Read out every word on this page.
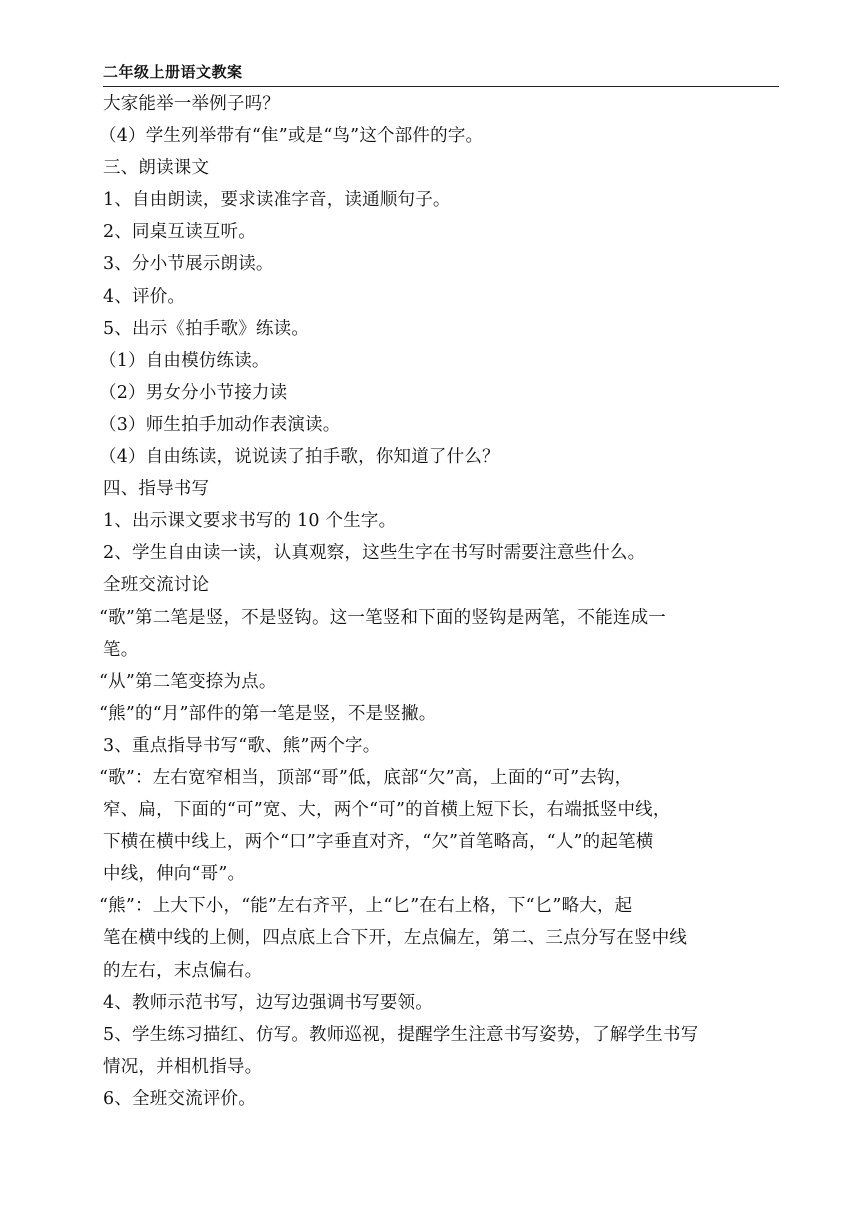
二年级上册语文教案
大家能举一举例子吗？
（4）学生列举带有“隹”或是“鸟”这个部件的字。
三、朗读课文
1、自由朗读，要求读准字音，读通顺句子。
2、同桌互读互听。
3、分小节展示朗读。
4、评价。
5、出示《拍手歌》练读。
（1）自由模仿练读。
（2）男女分小节接力读
（3）师生拍手加动作表演读。
（4）自由练读，说说读了拍手歌，你知道了什么？
四、指导书写
1、出示课文要求书写的 10 个生字。
2、学生自由读一读，认真观察，这些生字在书写时需要注意些什么。
全班交流讨论
“歌”第二笔是竖，不是竖钩。这一笔竖和下面的竖钩是两笔，不能连成一
笔。
“从”第二笔变捺为点。
“熊”的“月”部件的第一笔是竖，不是竖撇。
3、重点指导书写“歌、熊”两个字。
“歌”：左右宽窄相当，顶部“哥”低，底部“欠”高，上面的“可”去钩，
窄、扁，下面的“可”宽、大，两个“可”的首横上短下长，右端抵竖中线，
下横在横中线上，两个“口”字垂直对齐，“欠”首笔略高，“人”的起笔横
中线，伸向“哥”。
“熊”：上大下小，“能”左右齐平，上“匕”在右上格，下“匕”略大，起
笔在横中线的上侧，四点底上合下开，左点偏左，第二、三点分写在竖中线
的左右，末点偏右。
4、教师示范书写，边写边强调书写要领。
5、学生练习描红、仿写。教师巡视，提醒学生注意书写姿势，了解学生书写
情况，并相机指导。
6、全班交流评价。
